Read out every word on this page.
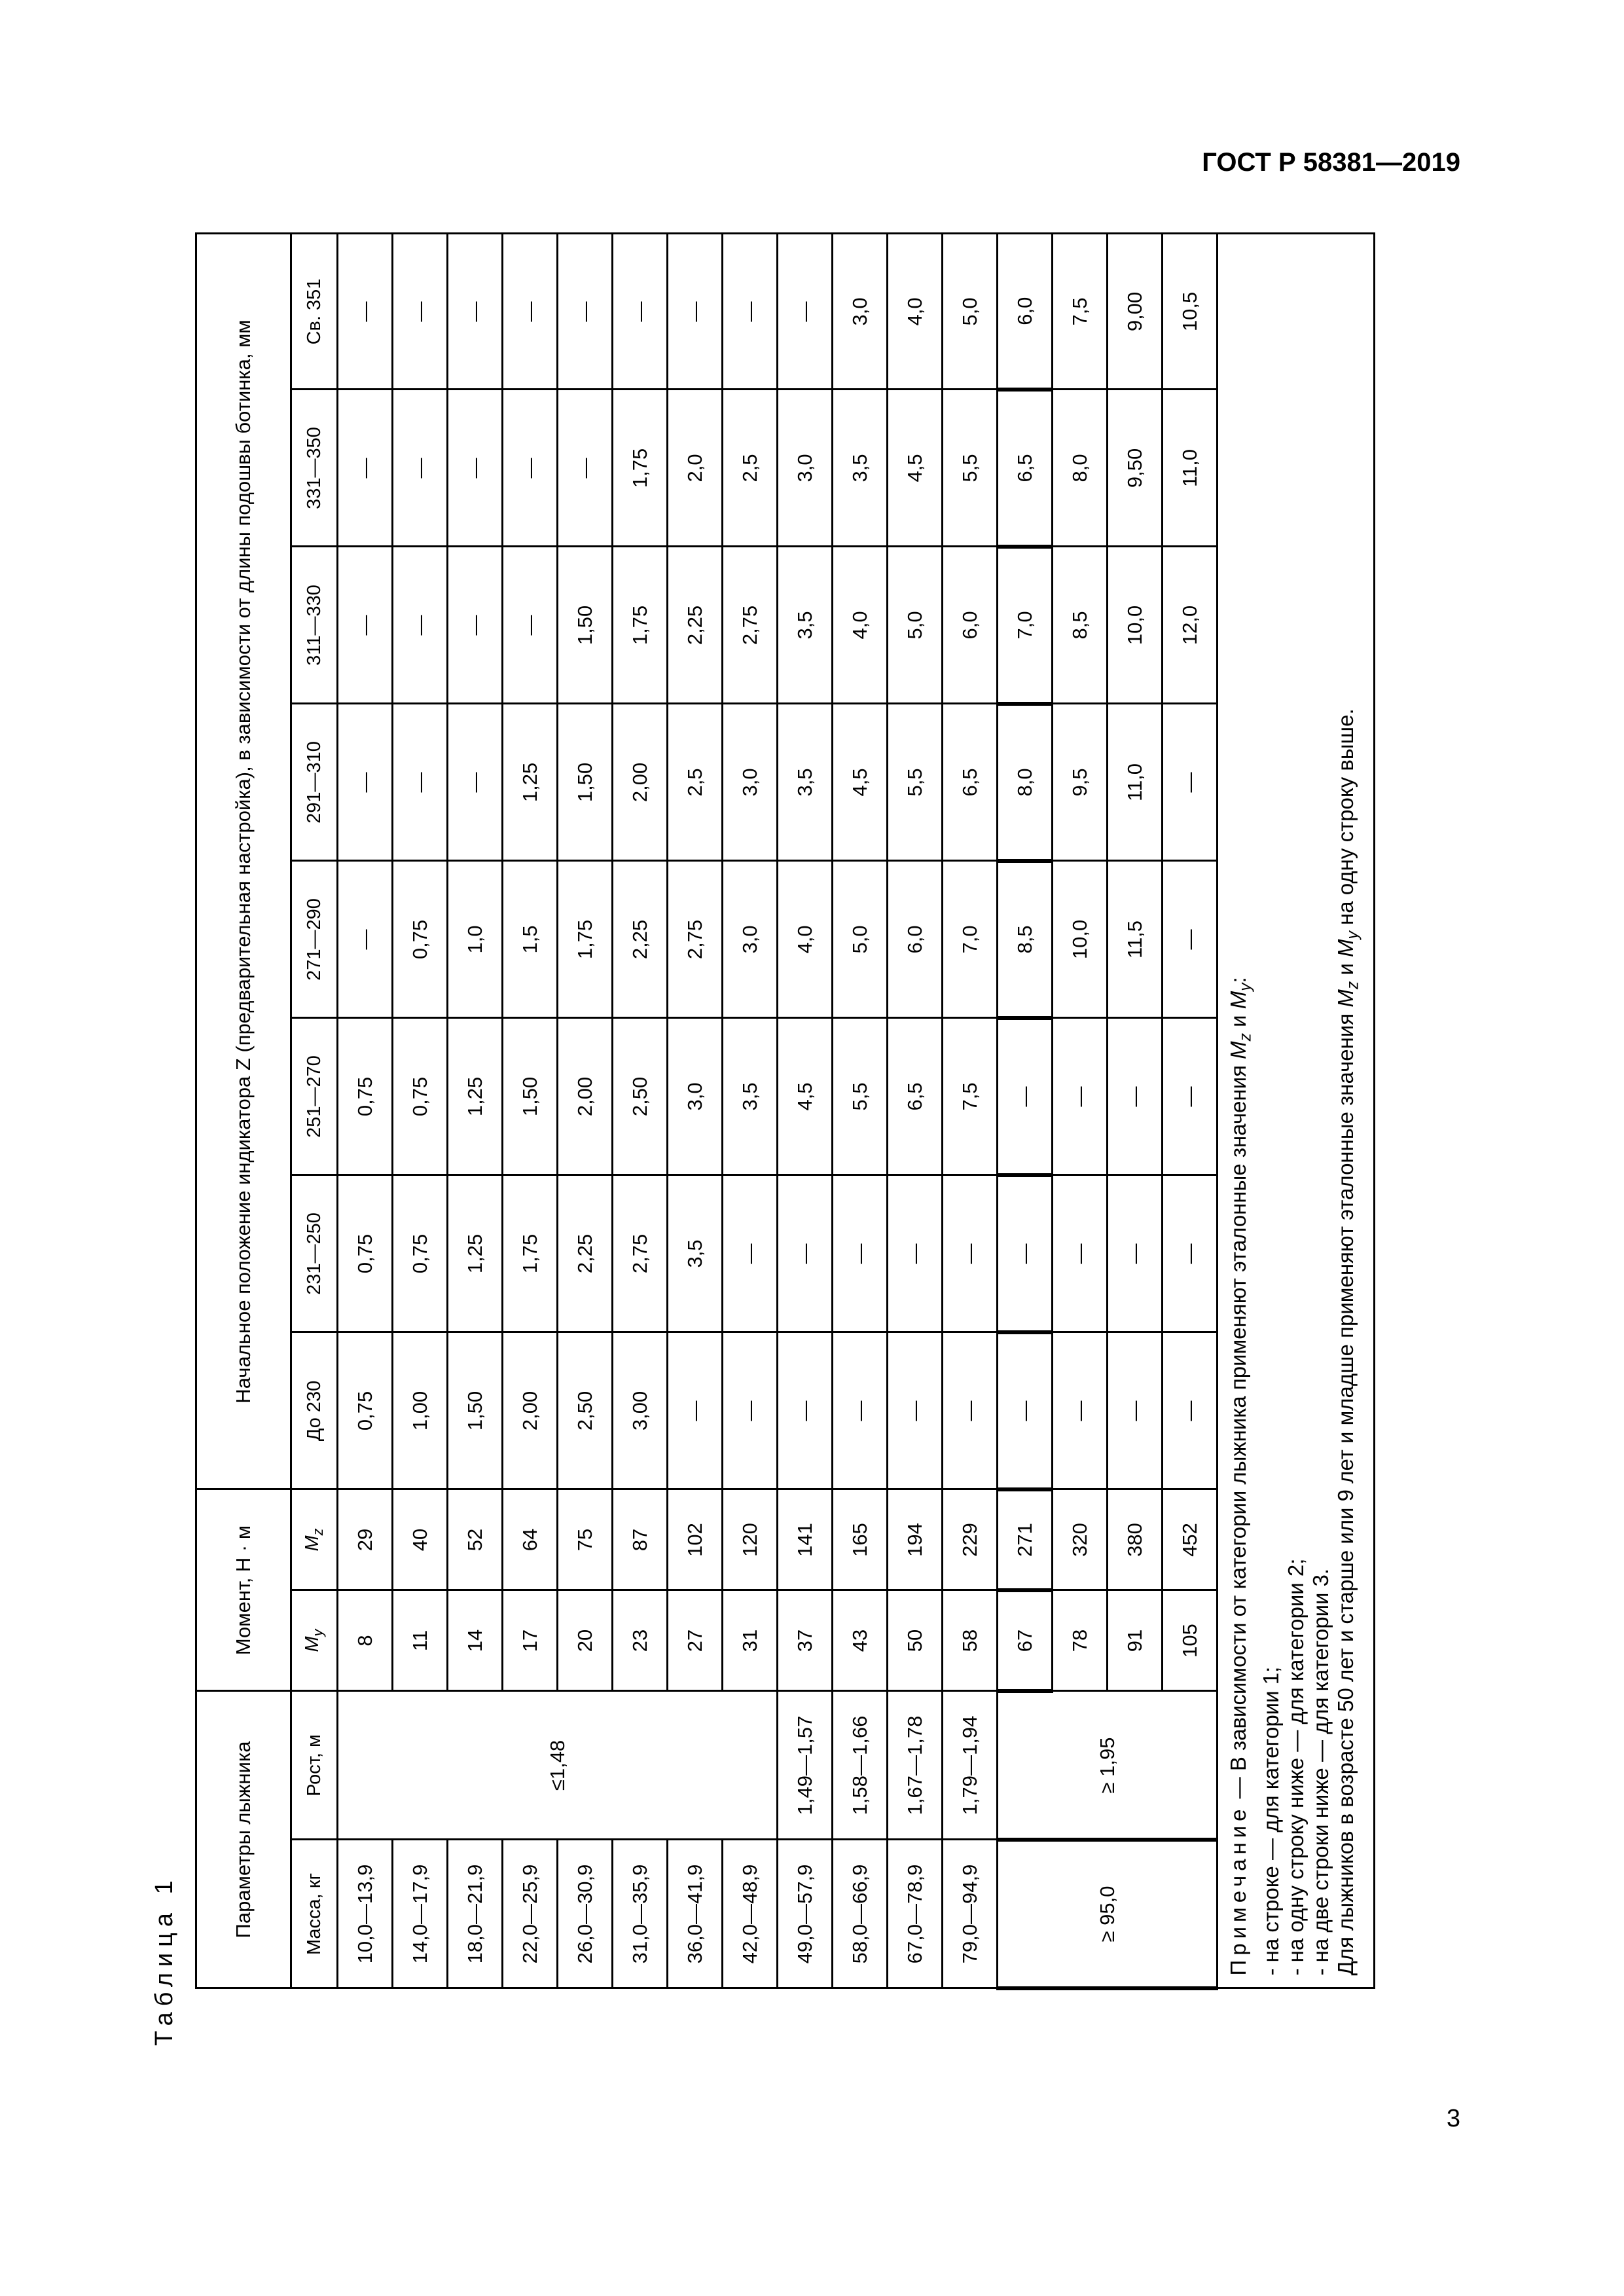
ГОСТ Р 58381—2019
Таблица 1
Параметры лыжника		Момент, Н · м		Начальное положение индикатора Z (предварительная настройка), в зависимости от длины подошвы ботинка, мм							
Масса, кг	Рост, м	$M_y$	$M_z$	До 230	231—250	251—270	271—290	291—310	311—330	331—350	Св. 351
10,0—13,9	≤1,48	8	29	0,75	0,75	0,75	—	—	—	—	—
14,0—17,9		11	40	1,00	0,75	0,75	0,75	—	—	—	—
18,0—21,9		14	52	1,50	1,25	1,25	1,0	—	—	—	—
22,0—25,9		17	64	2,00	1,75	1,50	1,5	1,25	—	—	—
26,0—30,9		20	75	2,50	2,25	2,00	1,75	1,50	1,50	—	—
31,0—35,9		23	87	3,00	2,75	2,50	2,25	2,00	1,75	1,75	—
36,0—41,9		27	102	—	3,5	3,0	2,75	2,5	2,25	2,0	—
42,0—48,9		31	120	—	—	3,5	3,0	3,0	2,75	2,5	—
49,0—57,9	1,49—1,57	37	141	—	—	4,5	4,0	3,5	3,5	3,0	—
58,0—66,9	1,58—1,66	43	165	—	—	5,5	5,0	4,5	4,0	3,5	3,0
67,0—78,9	1,67—1,78	50	194	—	—	6,5	6,0	5,5	5,0	4,5	4,0
79,0—94,9	1,79—1,94	58	229	—	—	7,5	7,0	6,5	6,0	5,5	5,0
≥ 95,0	≥ 1,95	67	271	—	—	—	8,5	8,0	7,0	6,5	6,0
		78	320	—	—	—	10,0	9,5	8,5	8,0	7,5
		91	380	—	—	—	11,5	11,0	10,0	9,50	9,00
		105	452	—	—	—	—	—	12,0	11,0	10,5

Примечание — В зависимости от категории лыжника применяют эталонные значения $M_z$ и $M_y$:
- на строке — для категории 1; - на одну строку ниже — для категории 2; - на две строки ниже — для категории 3. Для лыжников в возрасте 50 лет и старше или 9 лет и младше применяют эталонные значения $M_z$ и $M_y$ на одну строку выше.											
3
